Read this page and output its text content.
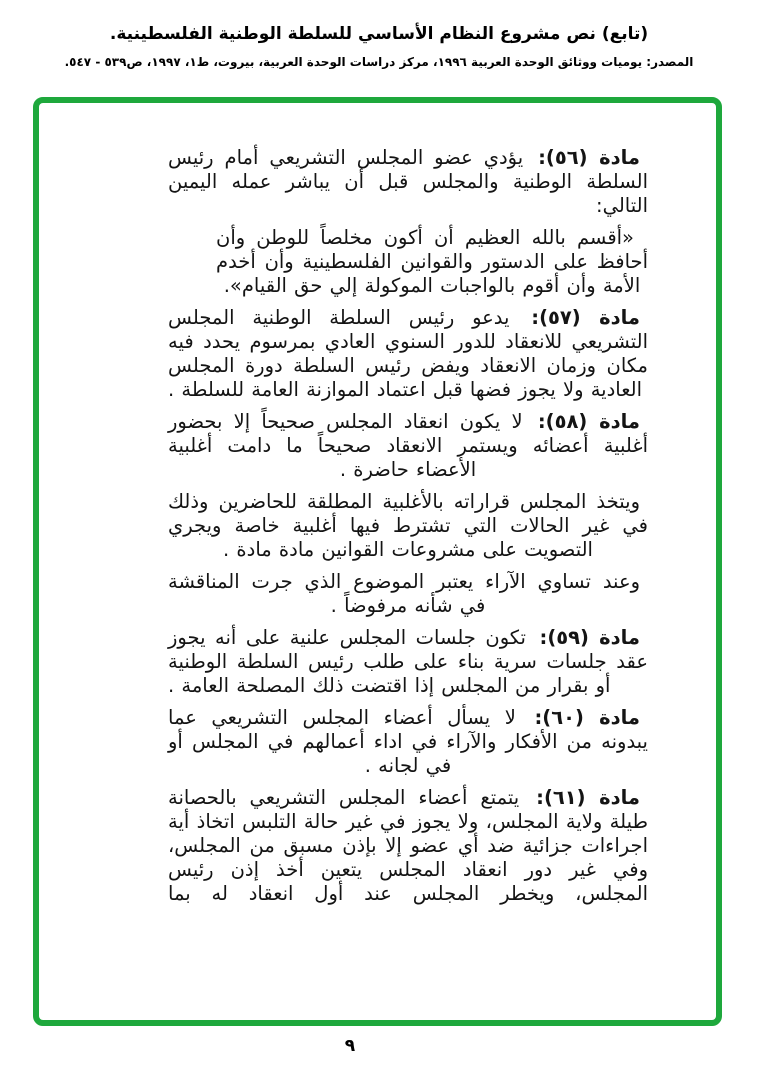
(تابع) نص مشروع النظام الأساسي للسلطة الوطنية الفلسطينية.
المصدر: يوميات ووثائق الوحدة العربية ١٩٩٦، مركز دراسات الوحدة العربية، بيروت، ط١، ١٩٩٧، ص٥٣٩ - ٥٤٧.

مادة (٥٦): يؤدي عضو المجلس التشريعي أمام رئيس السلطة الوطنية والمجلس قبل أن يباشر عمله اليمين التالي:

«أقسم بالله العظيم أن أكون مخلصاً للوطن وأن أحافظ على الدستور والقوانين الفلسطينية وأن أخدم الأمة وأن أقوم بالواجبات الموكولة إلي حق القيام».

مادة (٥٧): يدعو رئيس السلطة الوطنية المجلس التشريعي للانعقاد للدور السنوي العادي بمرسوم يحدد فيه مكان وزمان الانعقاد ويفض رئيس السلطة دورة المجلس العادية ولا يجوز فضها قبل اعتماد الموازنة العامة للسلطة .

مادة (٥٨): لا يكون انعقاد المجلس صحيحاً إلا بحضور أغلبية أعضائه ويستمر الانعقاد صحيحاً ما دامت أغلبية الأعضاء حاضرة .

ويتخذ المجلس قراراته بالأغلبية المطلقة للحاضرين وذلك في غير الحالات التي تشترط فيها أغلبية خاصة ويجري التصويت على مشروعات القوانين مادة مادة .

وعند تساوي الآراء يعتبر الموضوع الذي جرت المناقشة في شأنه مرفوضاً .

مادة (٥٩): تكون جلسات المجلس علنية على أنه يجوز عقد جلسات سرية بناء على طلب رئيس السلطة الوطنية أو بقرار من المجلس إذا اقتضت ذلك المصلحة العامة .

مادة (٦٠): لا يسأل أعضاء المجلس التشريعي عما يبدونه من الأفكار والآراء في اداء أعمالهم في المجلس أو في لجانه .

مادة (٦١): يتمتع أعضاء المجلس التشريعي بالحصانة طيلة ولاية المجلس، ولا يجوز في غير حالة التلبس اتخاذ أية اجراءات جزائية ضد أي عضو إلا بإذن مسبق من المجلس، وفي غير دور انعقاد المجلس يتعين أخذ إذن رئيس المجلس، ويخطر المجلس عند أول انعقاد له بما

٩
